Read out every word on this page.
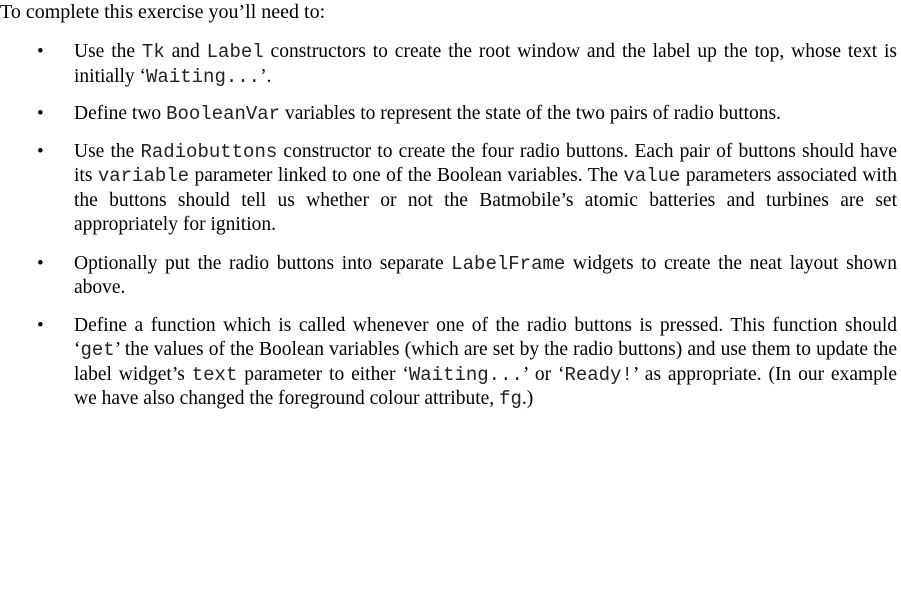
To complete this exercise you’ll need to:

• Use the Tk and Label constructors to create the root window and the label up the top, whose text is initially ‘Waiting...’.
• Define two BooleanVar variables to represent the state of the two pairs of radio buttons.
• Use the Radiobuttons constructor to create the four radio buttons. Each pair of buttons should have its variable parameter linked to one of the Boolean variables. The value parameters associated with the buttons should tell us whether or not the Batmobile’s atomic batteries and turbines are set appropriately for ignition.
• Optionally put the radio buttons into separate LabelFrame widgets to create the neat layout shown above.
• Define a function which is called whenever one of the radio buttons is pressed. This function should ‘get’ the values of the Boolean variables (which are set by the radio buttons) and use them to update the label widget’s text parameter to either ‘Waiting...’ or ‘Ready!’ as appropriate. (In our example we have also changed the foreground colour attribute, fg.)
